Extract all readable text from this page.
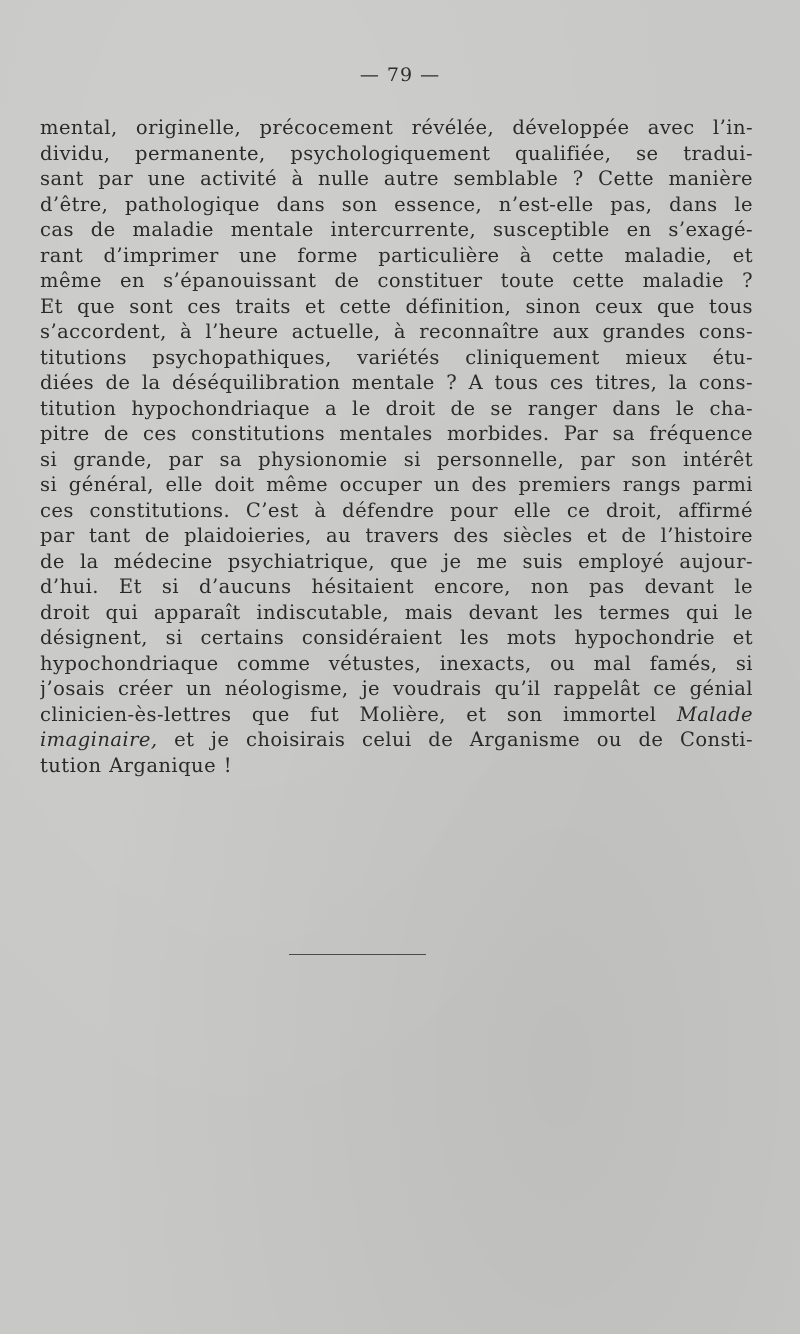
— 79 —
mental, originelle, précocement révélée, développée avec l’in-
dividu, permanente, psychologiquement qualifiée, se tradui-
sant par une activité à nulle autre semblable ? Cette manière
d’être, pathologique dans son essence, n’est-elle pas, dans le
cas de maladie mentale intercurrente, susceptible en s’exagé-
rant d’imprimer une forme particulière à cette maladie, et
même en s’épanouissant de constituer toute cette maladie ?
Et que sont ces traits et cette définition, sinon ceux que tous
s’accordent, à l’heure actuelle, à reconnaître aux grandes cons-
titutions psychopathiques, variétés cliniquement mieux étu-
diées de la déséquilibration mentale ? A tous ces titres, la cons-
titution hypochondriaque a le droit de se ranger dans le cha-
pitre de ces constitutions mentales morbides. Par sa fréquence
si grande, par sa physionomie si personnelle, par son intérêt
si général, elle doit même occuper un des premiers rangs parmi
ces constitutions. C’est à défendre pour elle ce droit, affirmé
par tant de plaidoieries, au travers des siècles et de l’histoire
de la médecine psychiatrique, que je me suis employé aujour-
d’hui. Et si d’aucuns hésitaient encore, non pas devant le
droit qui apparaît indiscutable, mais devant les termes qui le
désignent, si certains considéraient les mots hypochondrie et
hypochondriaque comme vétustes, inexacts, ou mal famés, si
j’osais créer un néologisme, je voudrais qu’il rappelât ce génial
clinicien-ès-lettres que fut Molière, et son immortel Malade
imaginaire, et je choisirais celui de Arganisme ou de Consti-
tution Arganique !
